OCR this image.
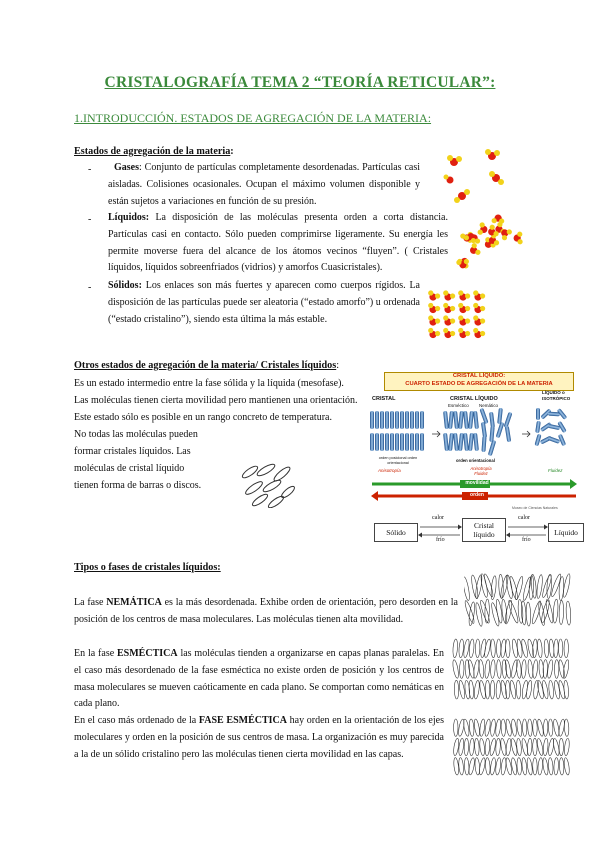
CRISTALOGRAFÍA TEMA 2 “TEORÍA RETICULAR”:
1.INTRODUCCIÓN. ESTADOS DE AGREGACIÓN DE LA MATERIA:
Estados de agregación de la materia:
-	Gases: Conjunto de partículas completamente desordenadas. Partículas casi aisladas. Colisiones ocasionales. Ocupan el máximo volumen disponible y están sujetos a variaciones en función de su presión.
- Líquidos: La disposición de las moléculas presenta orden a corta distancia. Partículas casi en contacto. Sólo pueden comprimirse ligeramente. Su energía les permite moverse fuera del alcance de los átomos vecinos “fluyen”. ( Cristales líquidos, líquidos sobreenfriados (vidrios) y amorfos Cuasicristales).
- Sólidos: Los enlaces son más fuertes y aparecen como cuerpos rígidos. La disposición de las partículas puede ser aleatoria (“estado amorfo”) u ordenada (“estado cristalino”), siendo esta última la más estable.
Otros estados de agregación de la materia/ Cristales líquidos:
Es un estado intermedio entre la fase sólida y la líquida (mesofase).
Las moléculas tienen cierta movilidad pero mantienen una orientación.
Este estado sólo es posible en un rango concreto de temperatura.
No todas las moléculas pueden
formar cristales líquidos. Las
moléculas de cristal líquido
tienen forma de barras o discos.
CRISTAL LÍQUIDO:
CUARTO ESTADO DE AGREGACIÓN DE LA MATERIA
CRISTAL	CRISTAL LÍQUIDO
Esméctico Nemático
LÍQUIDO o ISOTRÓPICO
orden posicional orden orientacional	orden orientacional
Anisotropía	Anisotropía Fluidez
Fluidez
movilidad
orden
Museo de Ciencias Naturales
Sólido
Cristal líquido	Líquido
calor	calor
frío	frío
Tipos o fases de cristales líquidos:
La fase NEMÁTICA es la más desordenada. Exhibe orden de orientación, pero desorden en la posición de los centros de masa moleculares. Las moléculas tienen alta movilidad.
En la fase ESMÉCTICA las moléculas tienden a organizarse en capas planas paralelas. En el caso más desordenado de la fase esméctica no existe orden de posición y los centros de masa moleculares se mueven caóticamente en cada plano. Se comportan como nemáticas en cada plano.
En el caso más ordenado de la FASE ESMÉCTICA hay orden en la orientación de los ejes moleculares y orden en la posición de sus centros de masa. La organización es muy parecida a la de un sólido cristalino pero las moléculas tienen cierta movilidad en las capas.
